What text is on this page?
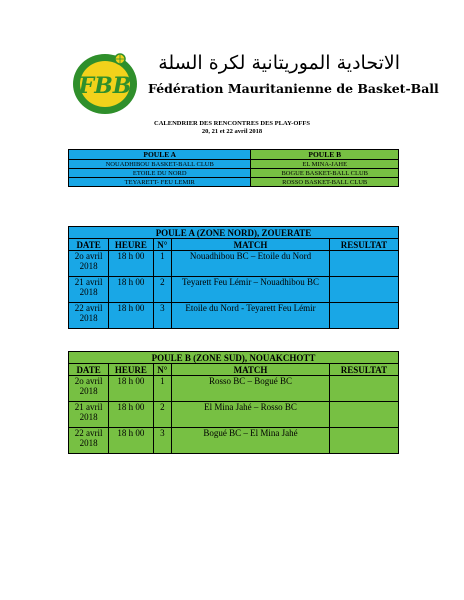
FBB
الاتحادية الموريتانية لكرة السلة
Fédération Mauritanienne de Basket-Ball
CALENDRIER DES RENCONTRES DES PLAY-OFFS
20, 21 et 22 avril 2018
POULE A	POULE B
NOUADHIBOU BASKET-BALL CLUB	EL MINA-JAHE
ETOILE DU NORD	BOGUE BASKET-BALL CLUB
TEYARETT- FEU LEMIR	ROSSO BASKET-BALL CLUB
POULE A (ZONE NORD), ZOUERATE				
DATE	HEURE	N°	MATCH	RESULTAT
2o avril 2018	18 h 00	1	Nouadhibou BC – Etoile du Nord	
21 avril 2018	18 h 00	2	Teyarett Feu Lémir – Nouadhibou BC	
22 avril 2018	18 h 00	3	Etoile du Nord - Teyarett Feu Lémir	
POULE B (ZONE SUD), NOUAKCHOTT				
DATE	HEURE	N°	MATCH	RESULTAT
2o avril 2018	18 h 00	1	Rosso BC – Bogué BC	
21 avril 2018	18 h 00	2	El Mina Jahé – Rosso BC	
22 avril 2018	18 h 00	3	Bogué BC – El Mina Jahé	
